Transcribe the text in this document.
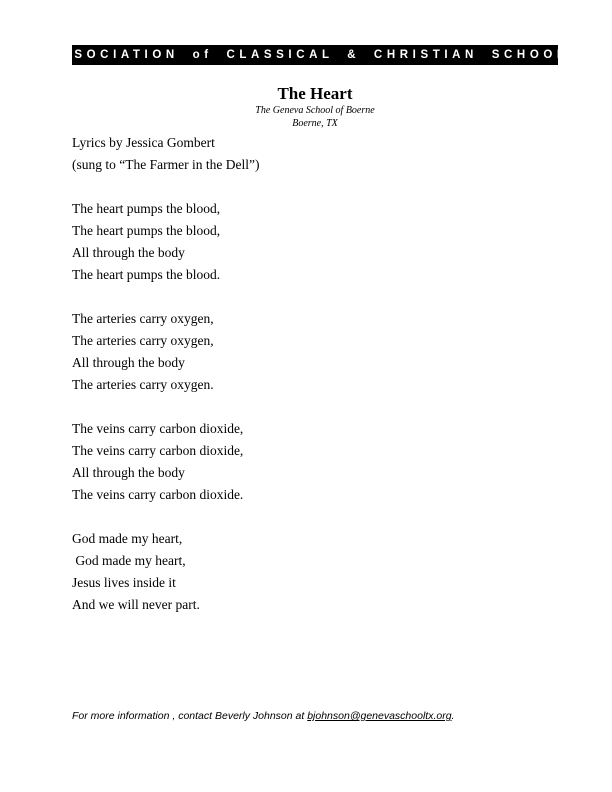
ASSOCIATION of CLASSICAL & CHRISTIAN SCHOOLS

The Heart

The Geneva School of Boerne

Boerne, TX

Lyrics by Jessica Gombert
(sung to “The Farmer in the Dell”)
The heart pumps the blood,
The heart pumps the blood,
All through the body
The heart pumps the blood.
The arteries carry oxygen,
The arteries carry oxygen,
All through the body
The arteries carry oxygen.
The veins carry carbon dioxide,
The veins carry carbon dioxide,
All through the body
The veins carry carbon dioxide.
God made my heart,
God made my heart,
Jesus lives inside it
And we will never part.
For more information , contact Beverly Johnson at bjohnson@genevaschooltx.org.
